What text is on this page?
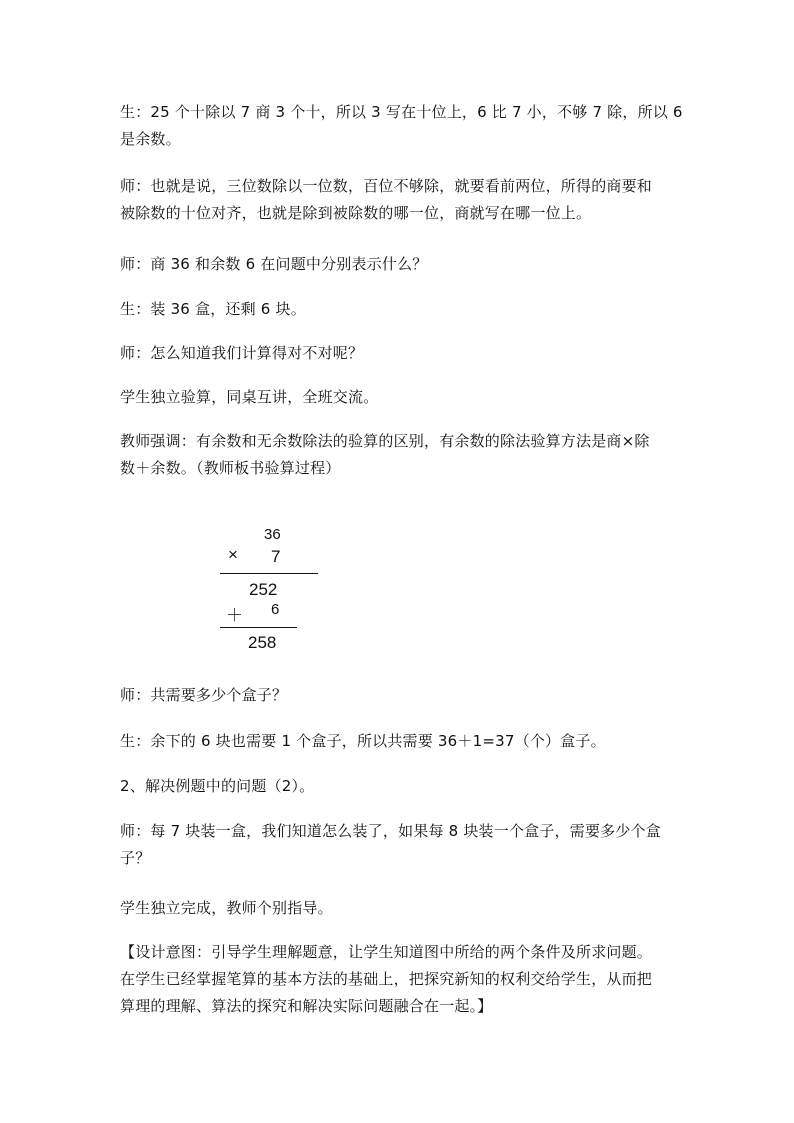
生：25 个十除以 7 商 3 个十，所以 3 写在十位上，6 比 7 小，不够 7 除，所以 6
是余数。

师：也就是说，三位数除以一位数，百位不够除，就要看前两位，所得的商要和
被除数的十位对齐，也就是除到被除数的哪一位，商就写在哪一位上。

师：商 36 和余数 6 在问题中分别表示什么？

生：装 36 盒，还剩 6 块。

师：怎么知道我们计算得对不对呢？

学生独立验算，同桌互讲，全班交流。

教师强调：有余数和无余数除法的验算的区别，有余数的除法验算方法是商×除
数＋余数。（教师板书验算过程）

36
× 7
252
＋ 6
258

师：共需要多少个盒子？

生：余下的 6 块也需要 1 个盒子，所以共需要 36＋1=37（个）盒子。

2、解决例题中的问题（2）。

师：每 7 块装一盒，我们知道怎么装了，如果每 8 块装一个盒子，需要多少个盒
子？

学生独立完成，教师个别指导。

【设计意图：引导学生理解题意，让学生知道图中所给的两个条件及所求问题。
在学生已经掌握笔算的基本方法的基础上，把探究新知的权利交给学生，从而把
算理的理解、算法的探究和解决实际问题融合在一起。】
